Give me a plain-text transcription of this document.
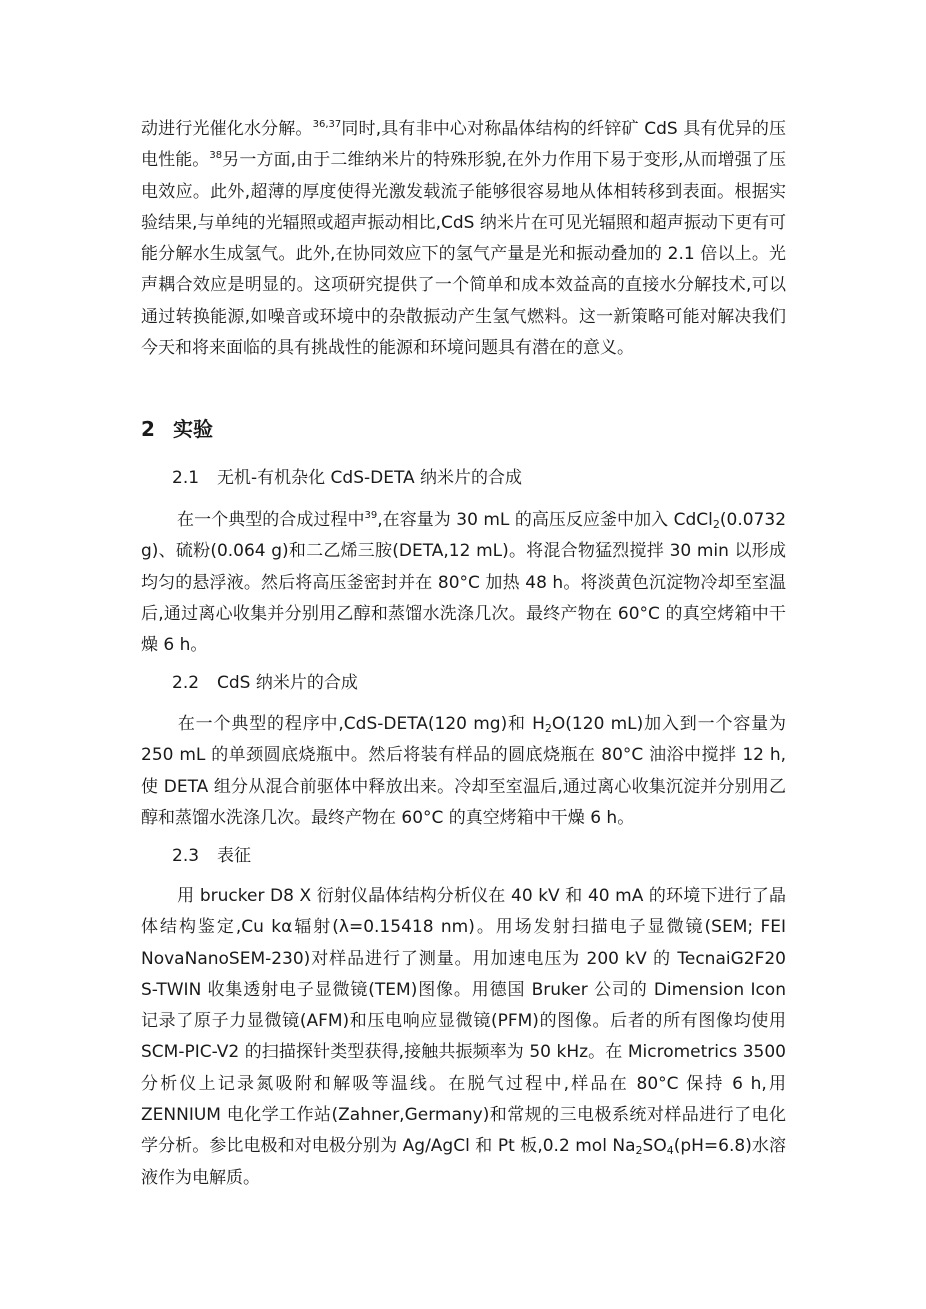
动进行光催化水分解。$^{36,37}$同时,具有非中心对称晶体结构的纤锌矿 CdS 具有优异的压电性能。$^{38}$另一方面,由于二维纳米片的特殊形貌,在外力作用下易于变形,从而增强了压电效应。此外,超薄的厚度使得光激发载流子能够很容易地从体相转移到表面。根据实验结果,与单纯的光辐照或超声振动相比,CdS 纳米片在可见光辐照和超声振动下更有可能分解水生成氢气。此外,在协同效应下的氢气产量是光和振动叠加的 2.1 倍以上。光声耦合效应是明显的。这项研究提供了一个简单和成本效益高的直接水分解技术,可以通过转换能源,如噪音或环境中的杂散振动产生氢气燃料。这一新策略可能对解决我们今天和将来面临的具有挑战性的能源和环境问题具有潜在的意义。

2 实验
2.1 无机-有机杂化 CdS-DETA 纳米片的合成

在一个典型的合成过程中$^{39}$,在容量为 30 mL 的高压反应釜中加入 CdCl$_2$(0.0732 g)、硫粉(0.064 g)和二乙烯三胺(DETA,12 mL)。将混合物猛烈搅拌 30 min 以形成均匀的悬浮液。然后将高压釜密封并在 80°C 加热 48 h。将淡黄色沉淀物冷却至室温后,通过离心收集并分别用乙醇和蒸馏水洗涤几次。最终产物在 60°C 的真空烤箱中干燥 6 h。

2.2 CdS 纳米片的合成

在一个典型的程序中,CdS-DETA(120 mg)和 $H_2O(120$ mL)加入到一个容量为 250 mL 的单颈圆底烧瓶中。然后将装有样品的圆底烧瓶在 80°C 油浴中搅拌 12 h,使 DETA 组分从混合前驱体中释放出来。冷却至室温后,通过离心收集沉淀并分别用乙醇和蒸馏水洗涤几次。最终产物在 60°C 的真空烤箱中干燥 6 h。

2.3 表征

用 brucker D8 X 衍射仪晶体结构分析仪在 40 kV 和 40 mA 的环境下进行了晶体结构鉴定,Cu kα辐射(λ=0.15418 nm)。用场发射扫描电子显微镜(SEM; FEI NovaNanoSEM-230)对样品进行了测量。用加速电压为 200 kV 的 TecnaiG2F20 S-TWIN 收集透射电子显微镜(TEM)图像。用德国 Bruker 公司的 Dimension Icon 记录了原子力显微镜(AFM)和压电响应显微镜(PFM)的图像。后者的所有图像均使用 SCM-PIC-V2 的扫描探针类型获得,接触共振频率为 50 kHz。在 Micrometrics 3500 分析仪上记录氮吸附和解吸等温线。在脱气过程中,样品在 80°C 保持 6 h,用 ZENNIUM 电化学工作站(Zahner,Germany)和常规的三电极系统对样品进行了电化学分析。参比电极和对电极分别为 Ag/AgCl 和 Pt 板,0.2 mol $Na_2SO_4(pH=6.8)$水溶液作为电解质。
